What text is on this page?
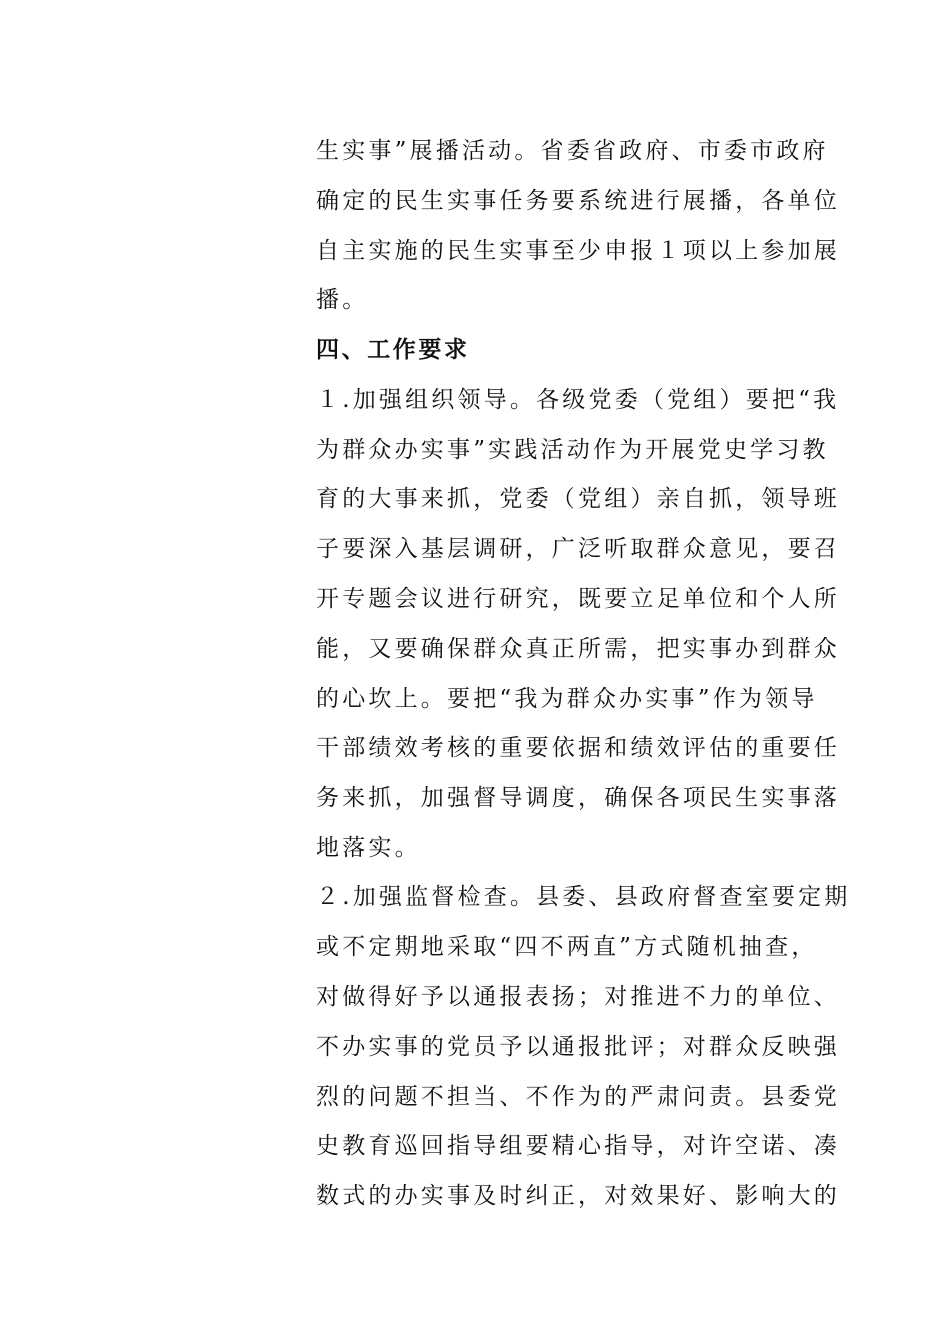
生实事”展播活动。省委省政府、市委市政府
确定的民生实事任务要系统进行展播，各单位
自主实施的民生实事至少申报１项以上参加展
播。
四、工作要求
１.加强组织领导。各级党委（党组）要把“我
为群众办实事”实践活动作为开展党史学习教
育的大事来抓，党委（党组）亲自抓，领导班
子要深入基层调研，广泛听取群众意见，要召
开专题会议进行研究，既要立足单位和个人所
能，又要确保群众真正所需，把实事办到群众
的心坎上。要把“我为群众办实事”作为领导
干部绩效考核的重要依据和绩效评估的重要任
务来抓，加强督导调度，确保各项民生实事落
地落实。
２.加强监督检查。县委、县政府督查室要定期
或不定期地采取“四不两直”方式随机抽查，
对做得好予以通报表扬；对推进不力的单位、
不办实事的党员予以通报批评；对群众反映强
烈的问题不担当、不作为的严肃问责。县委党
史教育巡回指导组要精心指导，对许空诺、凑
数式的办实事及时纠正，对效果好、影响大的
